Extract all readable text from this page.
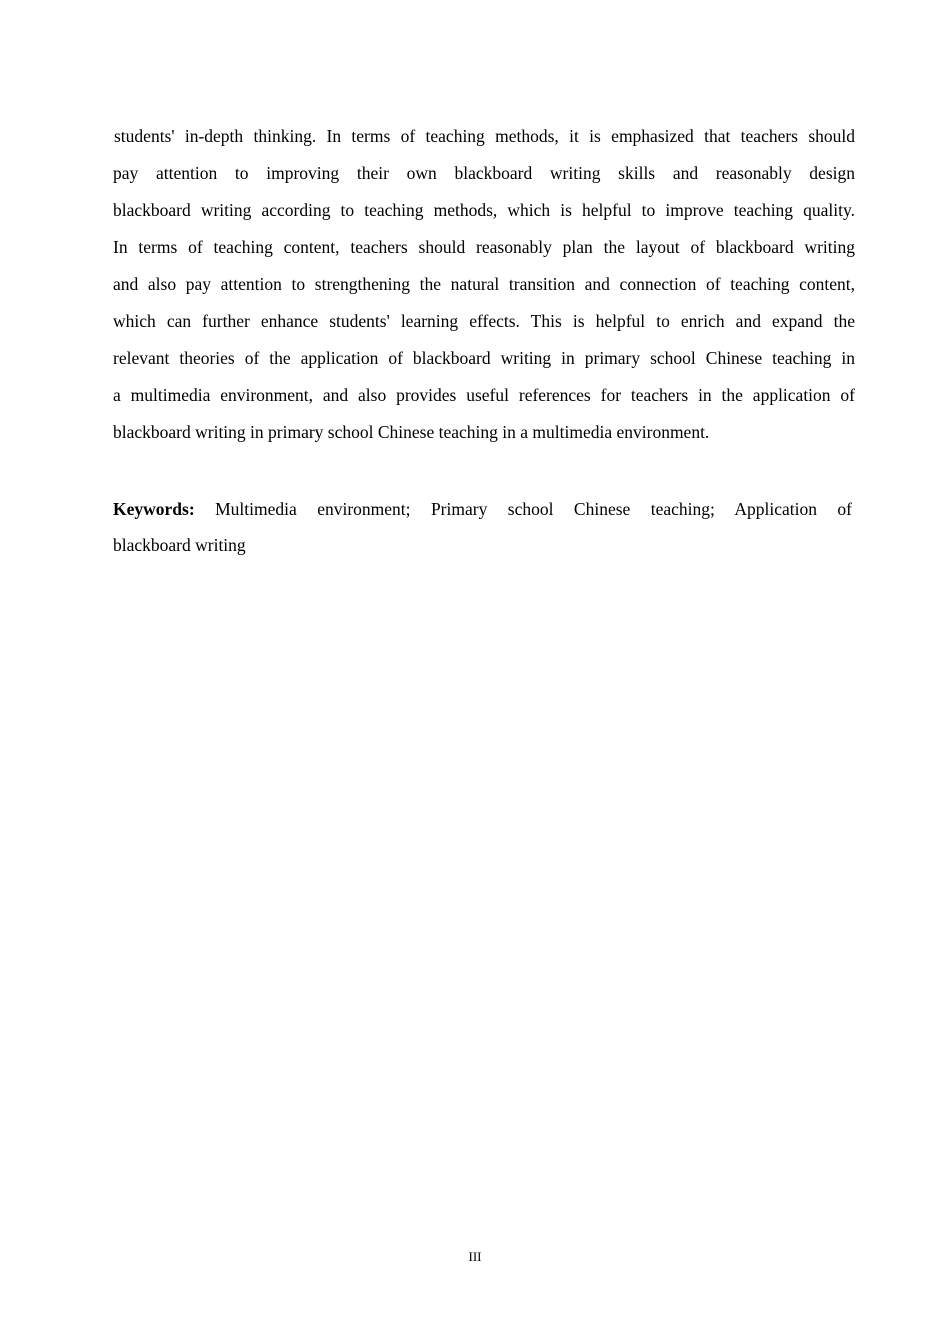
students' in-depth thinking. In terms of teaching methods, it is emphasized that teachers should
pay attention to improving their own blackboard writing skills and reasonably design
blackboard writing according to teaching methods, which is helpful to improve teaching quality.
In terms of teaching content, teachers should reasonably plan the layout of blackboard writing
and also pay attention to strengthening the natural transition and connection of teaching content,
which can further enhance students' learning effects. This is helpful to enrich and expand the
relevant theories of the application of blackboard writing in primary school Chinese teaching in
a multimedia environment, and also provides useful references for teachers in the application of
blackboard writing in primary school Chinese teaching in a multimedia environment.
Keywords: Multimedia environment; Primary school Chinese teaching; Application of
blackboard writing
III
